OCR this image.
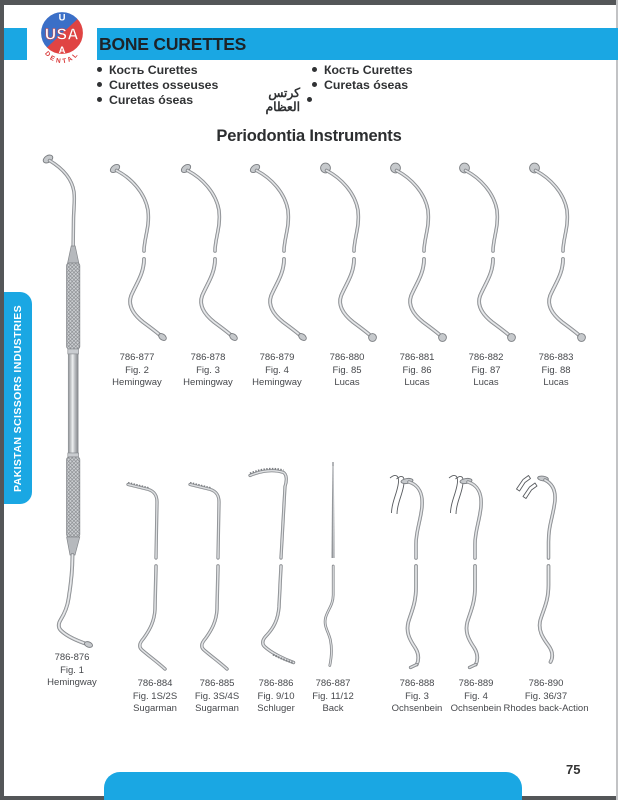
BONE CURETTES
U
USA
A
DENTAL
Кость Curettes
Curettes osseuses
Curetas óseas
Кость Curettes
Curetas óseas
كرتس العظام
Periodontia Instruments
PAKISTAN SCISSORS INDUSTRIES
786-876
Fig. 1
Hemingway
786-877
Fig. 2
Hemingway
786-878
Fig. 3
Hemingway
786-879
Fig. 4
Hemingway
786-880
Fig. 85
Lucas
786-881
Fig. 86
Lucas
786-882
Fig. 87
Lucas
786-883
Fig. 88
Lucas
786-884
Fig. 1S/2S
Sugarman
786-885
Fig. 3S/4S
Sugarman
786-886
Fig. 9/10
Schluger
786-887
Fig. 11/12
Back
786-888
Fig. 3
Ochsenbein
786-889
Fig. 4
Ochsenbein
786-890
Fig. 36/37
Rhodes back-Action
75
